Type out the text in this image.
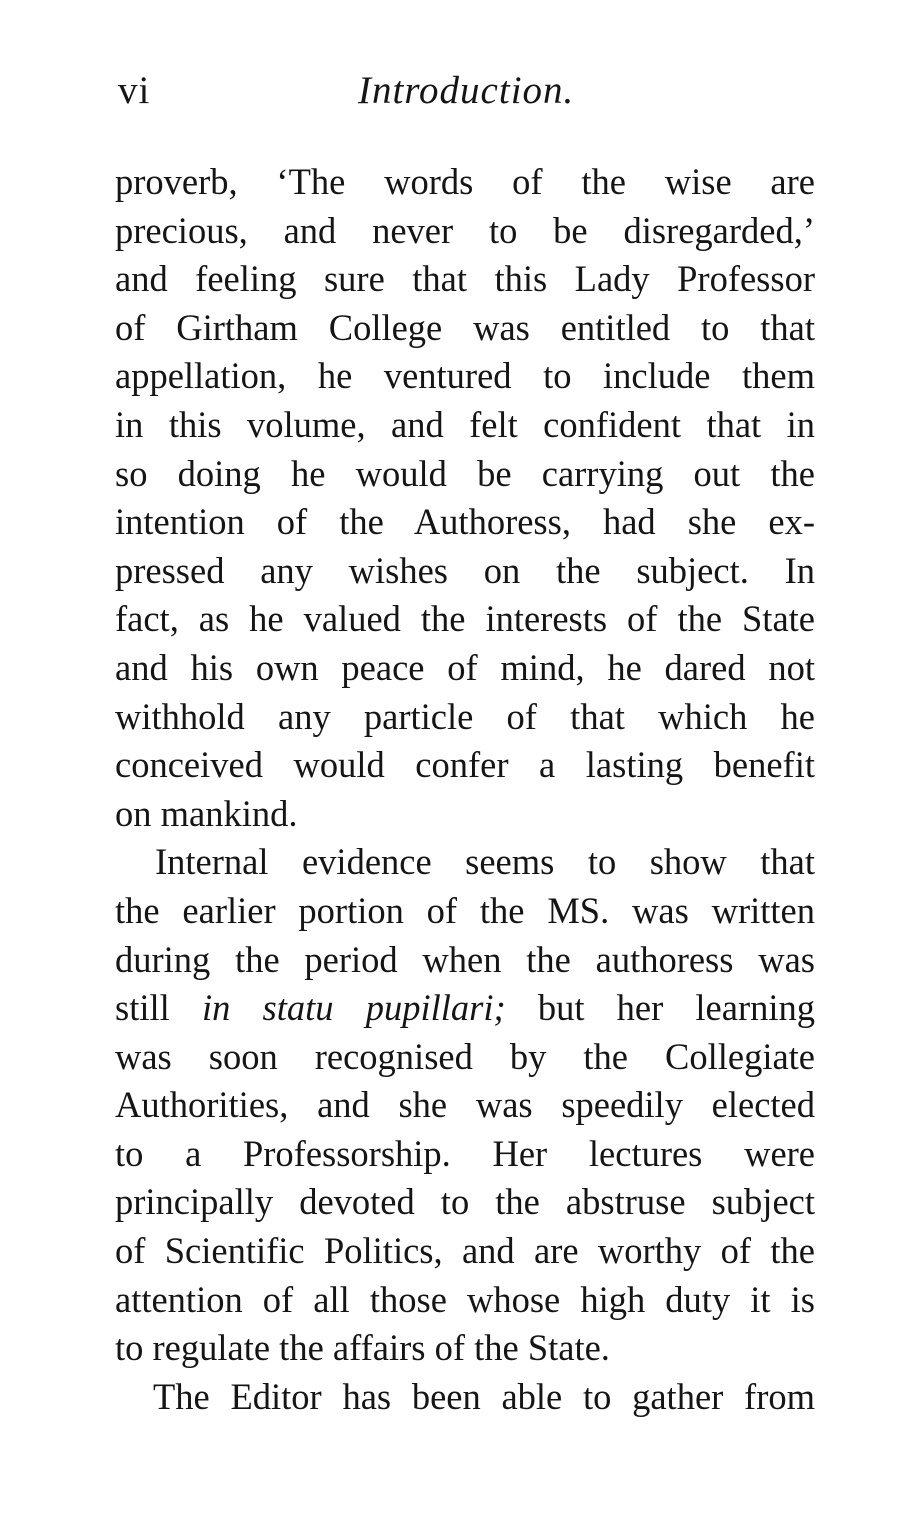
vi	Introduction.
proverb, ‘The words of the wise are
precious, and never to be disregarded,’
and feeling sure that this Lady Professor
of Girtham College was entitled to that
appellation, he ventured to include them
in this volume, and felt confident that in
so doing he would be carrying out the
intention of the Authoress, had she ex-
pressed any wishes on the subject. In
fact, as he valued the interests of the State
and his own peace of mind, he dared not
withhold any particle of that which he
conceived would confer a lasting benefit
on mankind.
Internal evidence seems to show that
the earlier portion of the MS. was written
during the period when the authoress was
still in statu pupillari; but her learning
was soon recognised by the Collegiate
Authorities, and she was speedily elected
to a Professorship. Her lectures were
principally devoted to the abstruse subject
of Scientific Politics, and are worthy of the
attention of all those whose high duty it is
to regulate the affairs of the State.
The Editor has been able to gather from
